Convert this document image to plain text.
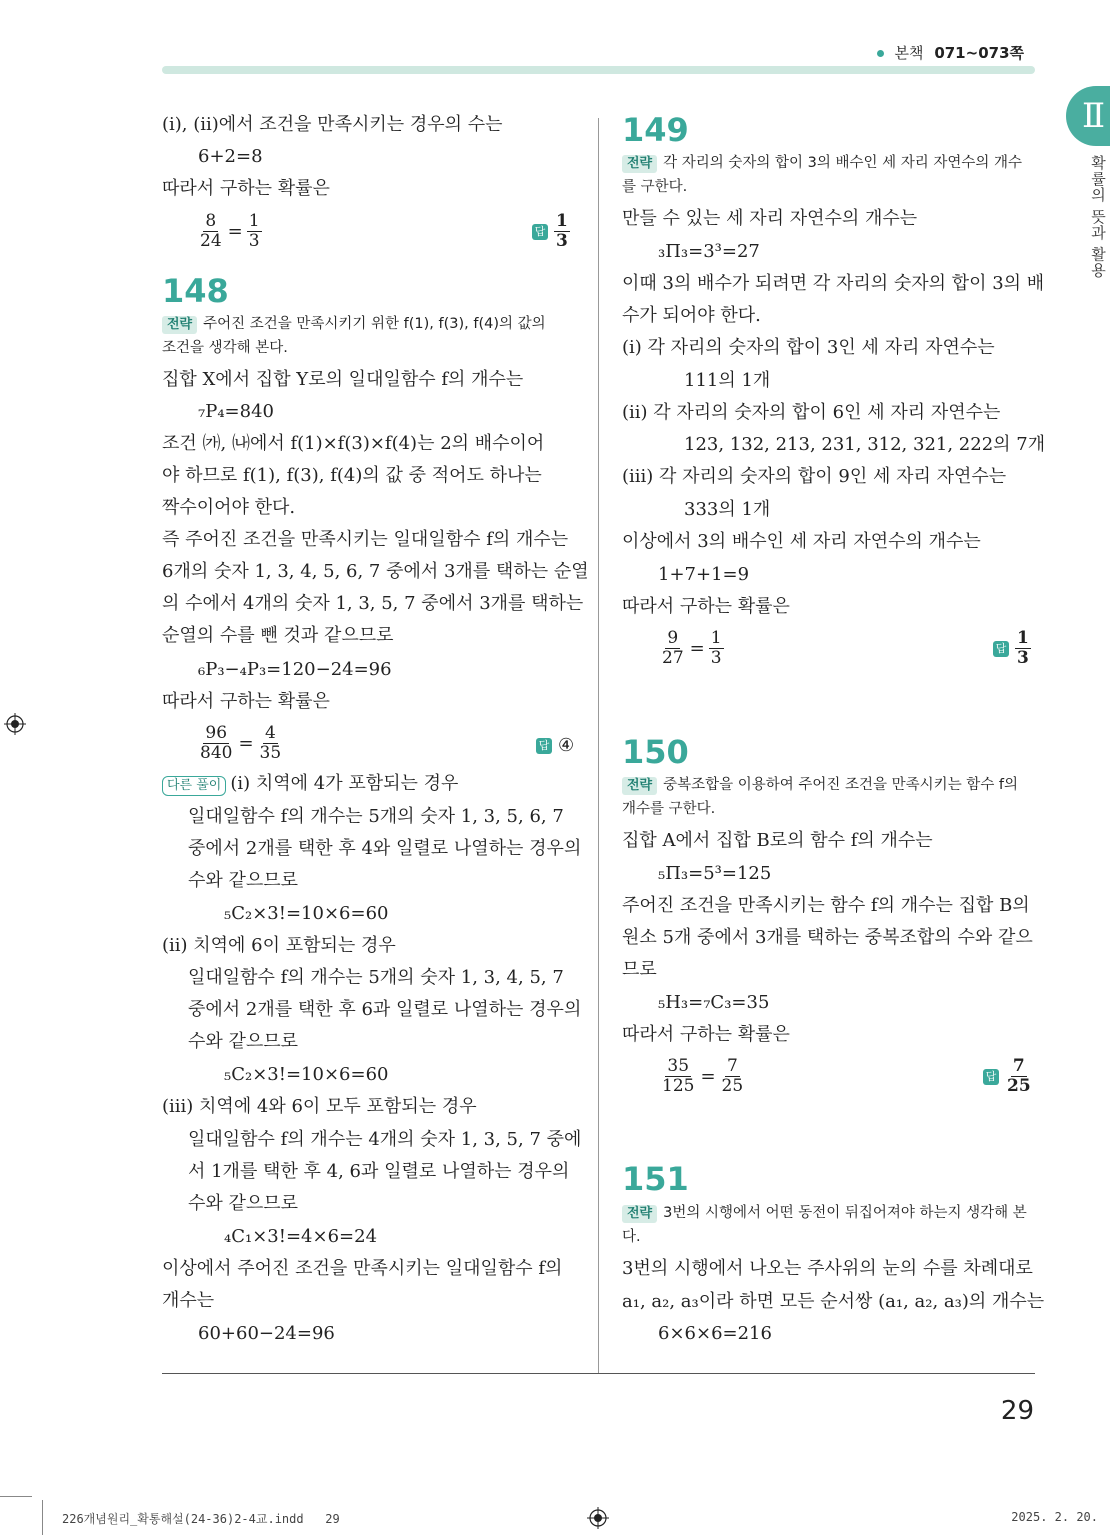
본책 071~073쪽
Ⅱ
확률의 뜻과 활용
(ⅰ), (ⅱ)에서 조건을 만족시키는 경우의 수는
6+2=8
따라서 구하는 확률은
$\frac{8}{24} = \frac{1}{3}$	답 $\frac{1}{3}$
148
전략 주어진 조건을 만족시키기 위한 f(1), f(3), f(4)의 값의
조건을 생각해 본다.
집합 X에서 집합 Y로의 일대일함수 f의 개수는
₇P₄=840
조건 ㈎, ㈏에서 f(1)×f(3)×f(4)는 2의 배수이어
야 하므로 f(1), f(3), f(4)의 값 중 적어도 하나는
짝수이어야 한다.
즉 주어진 조건을 만족시키는 일대일함수 f의 개수는
6개의 숫자 1, 3, 4, 5, 6, 7 중에서 3개를 택하는 순열
의 수에서 4개의 숫자 1, 3, 5, 7 중에서 3개를 택하는
순열의 수를 뺀 것과 같으므로
₆P₃−₄P₃=120−24=96
따라서 구하는 확률은
$\frac{96}{840} = \frac{4}{35}$	답 ④
다른 풀이 (ⅰ) 치역에 4가 포함되는 경우
일대일함수 f의 개수는 5개의 숫자 1, 3, 5, 6, 7
중에서 2개를 택한 후 4와 일렬로 나열하는 경우의
수와 같으므로
₅C₂×3!=10×6=60
(ⅱ) 치역에 6이 포함되는 경우
일대일함수 f의 개수는 5개의 숫자 1, 3, 4, 5, 7
중에서 2개를 택한 후 6과 일렬로 나열하는 경우의
수와 같으므로
₅C₂×3!=10×6=60
(ⅲ) 치역에 4와 6이 모두 포함되는 경우
일대일함수 f의 개수는 4개의 숫자 1, 3, 5, 7 중에
서 1개를 택한 후 4, 6과 일렬로 나열하는 경우의
수와 같으므로
₄C₁×3!=4×6=24
이상에서 주어진 조건을 만족시키는 일대일함수 f의
개수는
60+60−24=96
149
전략 각 자리의 숫자의 합이 3의 배수인 세 자리 자연수의 개수
를 구한다.
만들 수 있는 세 자리 자연수의 개수는
₃Π₃=3³=27
이때 3의 배수가 되려면 각 자리의 숫자의 합이 3의 배
수가 되어야 한다.
(ⅰ) 각 자리의 숫자의 합이 3인 세 자리 자연수는
111의 1개
(ⅱ) 각 자리의 숫자의 합이 6인 세 자리 자연수는
123, 132, 213, 231, 312, 321, 222의 7개
(ⅲ) 각 자리의 숫자의 합이 9인 세 자리 자연수는
333의 1개
이상에서 3의 배수인 세 자리 자연수의 개수는
1+7+1=9
따라서 구하는 확률은
$\frac{9}{27} = \frac{1}{3}$	답 $\frac{1}{3}$
150
전략 중복조합을 이용하여 주어진 조건을 만족시키는 함수 f의
개수를 구한다.
집합 A에서 집합 B로의 함수 f의 개수는
₅Π₃=5³=125
주어진 조건을 만족시키는 함수 f의 개수는 집합 B의
원소 5개 중에서 3개를 택하는 중복조합의 수와 같으
므로
₅H₃=₇C₃=35
따라서 구하는 확률은
$\frac{35}{125} = \frac{7}{25}$	답 $\frac{7}{25}$
151
전략 3번의 시행에서 어떤 동전이 뒤집어져야 하는지 생각해 본
다.
3번의 시행에서 나오는 주사위의 눈의 수를 차례대로
a₁, a₂, a₃이라 하면 모든 순서쌍 (a₁, a₂, a₃)의 개수는
6×6×6=216
29
226개념원리_확통해설(24-36)2-4교.indd   29	2025. 2. 20.
